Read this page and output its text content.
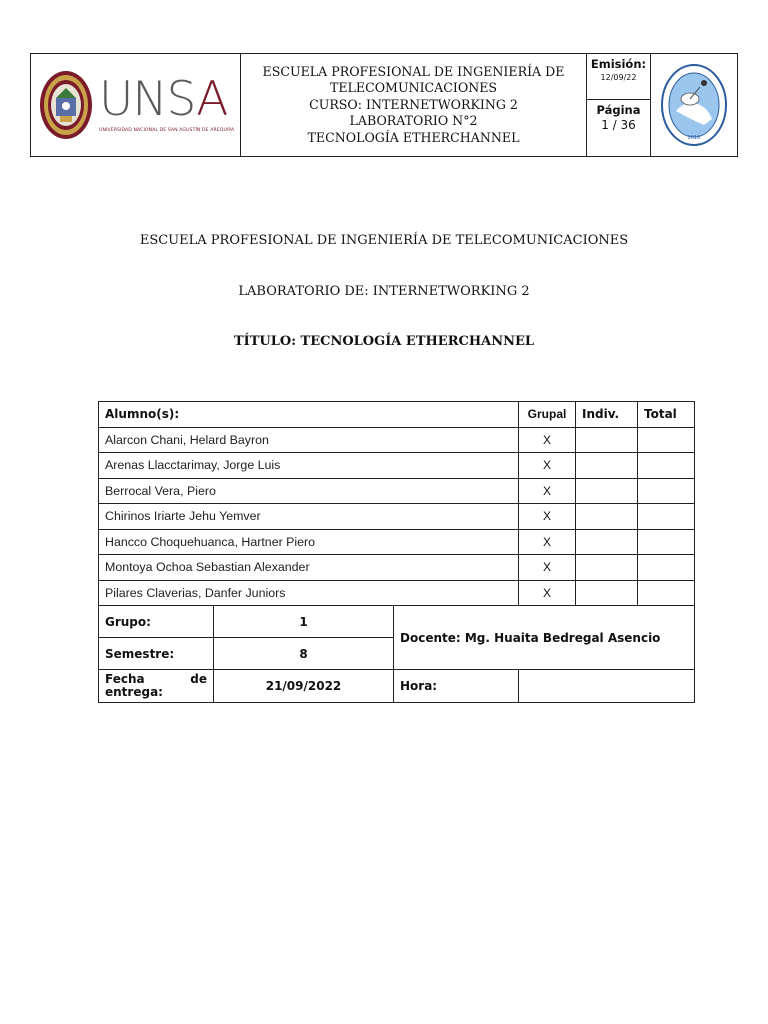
UNSA
UNIVERSIDAD NACIONAL DE SAN AGUSTÍN DE AREQUIPA
ESCUELA PROFESIONAL DE INGENIERÍA DE
TELECOMUNICACIONES
CURSO: INTERNETWORKING 2
LABORATORIO N°2
TECNOLOGÍA ETHERCHANNEL
Emisión:
12/09/22
Página
1 / 36
2016
ESCUELA PROFESIONAL DE INGENIERÍA DE TELECOMUNICACIONES
LABORATORIO DE: INTERNETWORKING 2
TÍTULO: TECNOLOGÍA ETHERCHANNEL
Alumno(s):	Grupal	Indiv.	Total
Alarcon Chani, Helard Bayron	X		
Arenas Llacctarimay, Jorge Luis	X		
Berrocal Vera, Piero	X		
Chirinos Iriarte Jehu Yemver	X		
Hancco Choquehuanca, Hartner Piero	X		
Montoya Ochoa Sebastian Alexander	X		
Pilares Claverias, Danfer Juniors	X		
Grupo:	1	Docente: Mg. Huaita Bedregal Asencio	
Semestre:	8		

Fecha de
entrega:	21/09/2022	Hora:	
